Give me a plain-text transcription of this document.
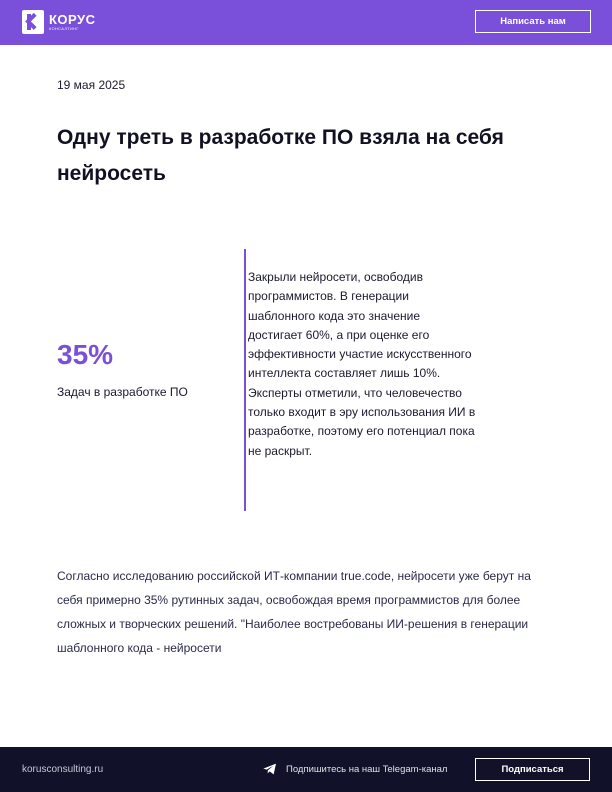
КОРУС
КОНСАЛТИНГ
Написать нам
19 мая 2025
Одну треть в разработке ПО взяла на себя нейросеть
35%
Задач в разработке ПО

Закрыли нейросети, освободив программистов. В генерации шаблонного кода это значение достигает 60%, а при оценке его эффективности участие искусственного интеллекта составляет лишь 10%. Эксперты отметили, что человечество только входит в эру использования ИИ в разработке, поэтому его потенциал пока не раскрыт.

Согласно исследованию российской ИТ-компании true.code, нейросети уже берут на себя примерно 35% рутинных задач, освобождая время программистов для более сложных и творческих решений. "Наиболее востребованы ИИ-решения в генерации шаблонного кода - нейросети

korusconsulting.ru	Подпишитесь на наш Telegam-канал	Подписаться
